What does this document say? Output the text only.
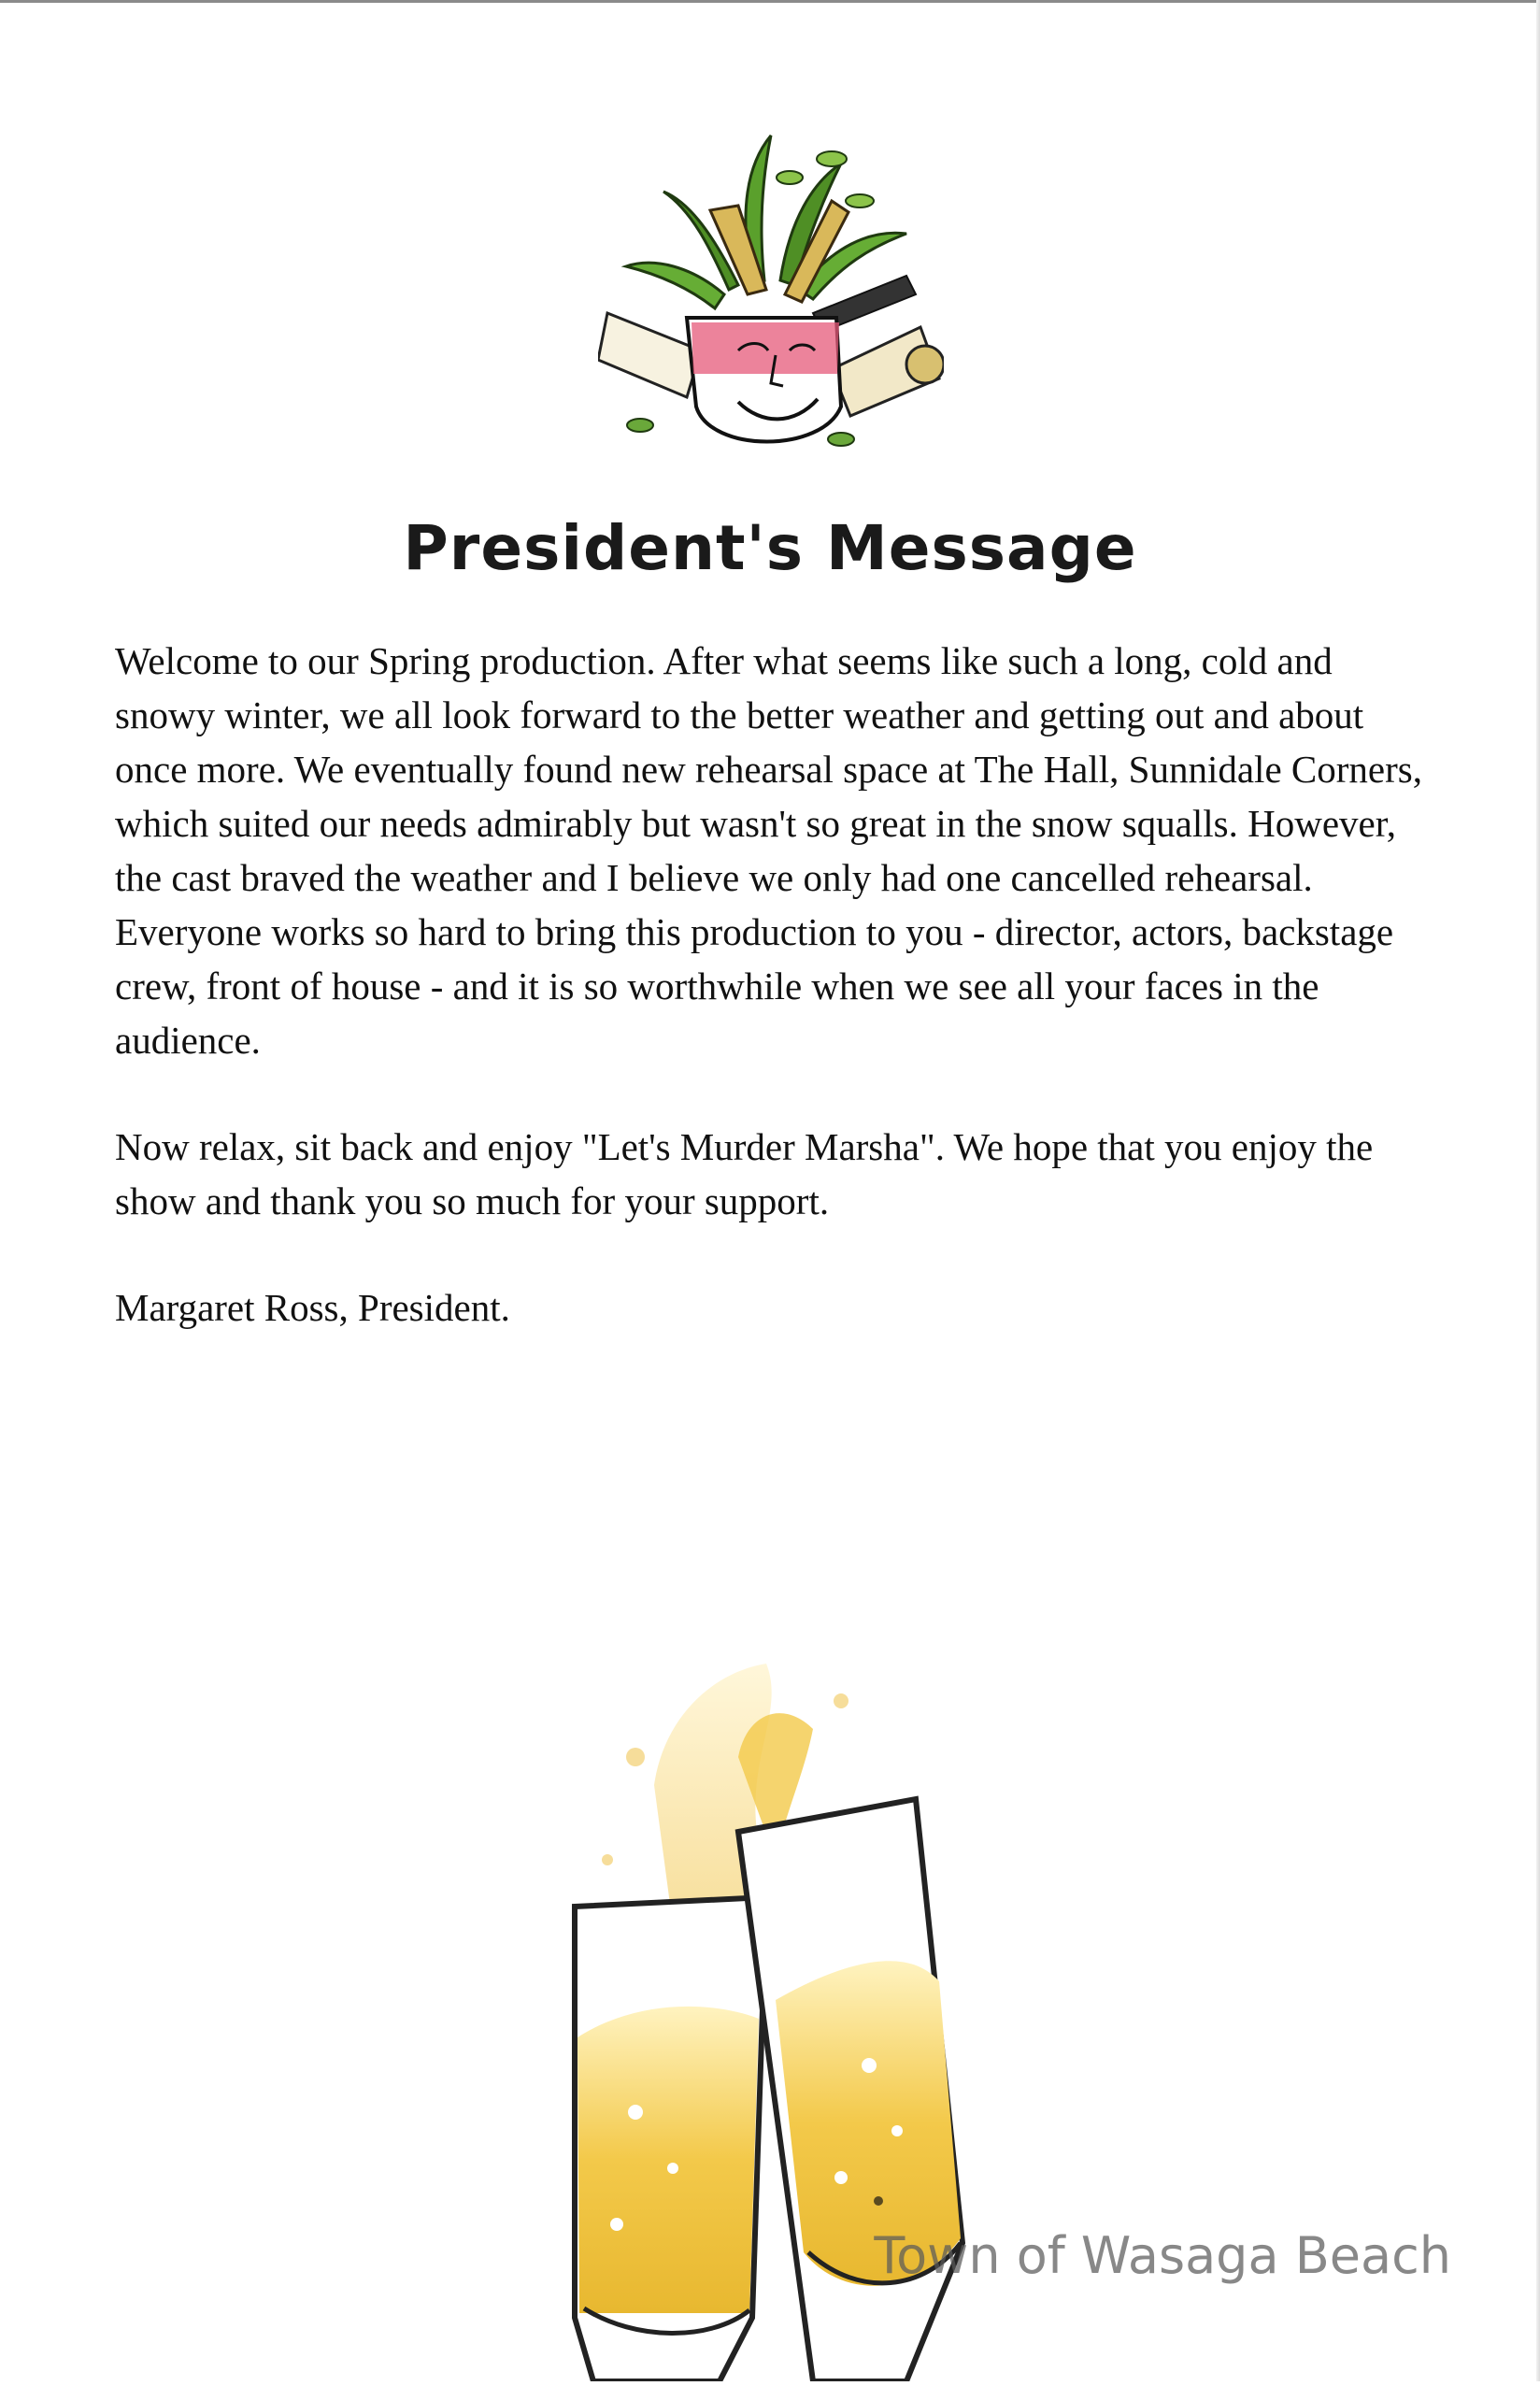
President's Message

Welcome to our Spring production. After what seems like such a long, cold and snowy winter, we all look forward to the better weather and getting out and about once more. We eventually found new rehearsal space at The Hall, Sunnidale Corners, which suited our needs admirably but wasn't so great in the snow squalls. However, the cast braved the weather and I believe we only had one cancelled rehearsal. Everyone works so hard to bring this production to you - director, actors, backstage crew, front of house - and it is so worthwhile when we see all your faces in the audience.

Now relax, sit back and enjoy "Let's Murder Marsha". We hope that you enjoy the show and thank you so much for your support.

Margaret Ross, President.

Town of Wasaga Beach
